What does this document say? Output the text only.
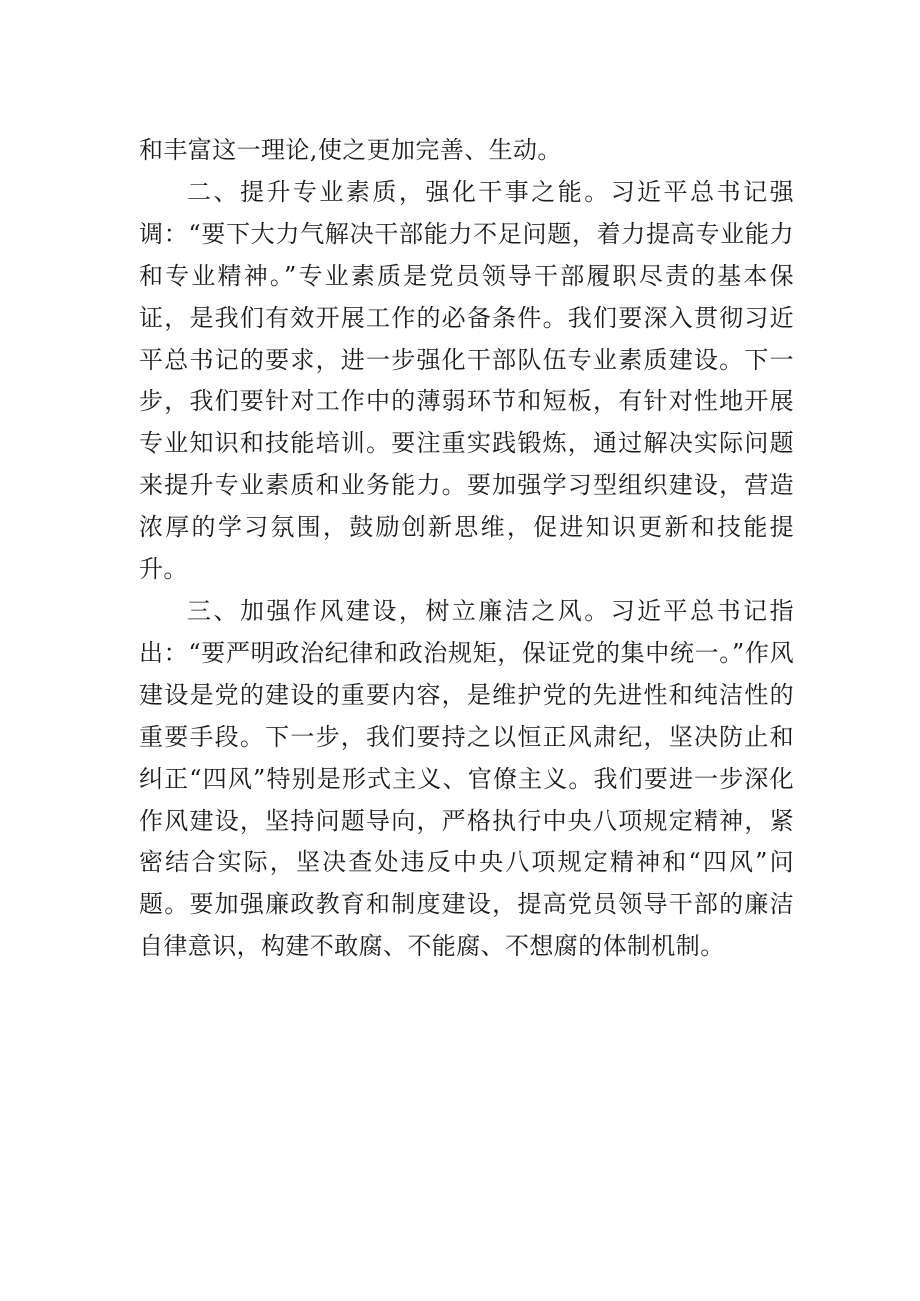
和丰富这一理论,使之更加完善、生动。

二、提升专业素质，强化干事之能。习近平总书记强调：“要下大力气解决干部能力不足问题，着力提高专业能力和专业精神。”专业素质是党员领导干部履职尽责的基本保证，是我们有效开展工作的必备条件。我们要深入贯彻习近平总书记的要求，进一步强化干部队伍专业素质建设。下一步，我们要针对工作中的薄弱环节和短板，有针对性地开展专业知识和技能培训。要注重实践锻炼，通过解决实际问题来提升专业素质和业务能力。要加强学习型组织建设，营造浓厚的学习氛围，鼓励创新思维，促进知识更新和技能提升。

三、加强作风建设，树立廉洁之风。习近平总书记指出：“要严明政治纪律和政治规矩，保证党的集中统一。”作风建设是党的建设的重要内容，是维护党的先进性和纯洁性的重要手段。下一步，我们要持之以恒正风肃纪，坚决防止和纠正“四风”特别是形式主义、官僚主义。我们要进一步深化作风建设，坚持问题导向，严格执行中央八项规定精神，紧密结合实际，坚决查处违反中央八项规定精神和“四风”问题。要加强廉政教育和制度建设，提高党员领导干部的廉洁自律意识，构建不敢腐、不能腐、不想腐的体制机制。
